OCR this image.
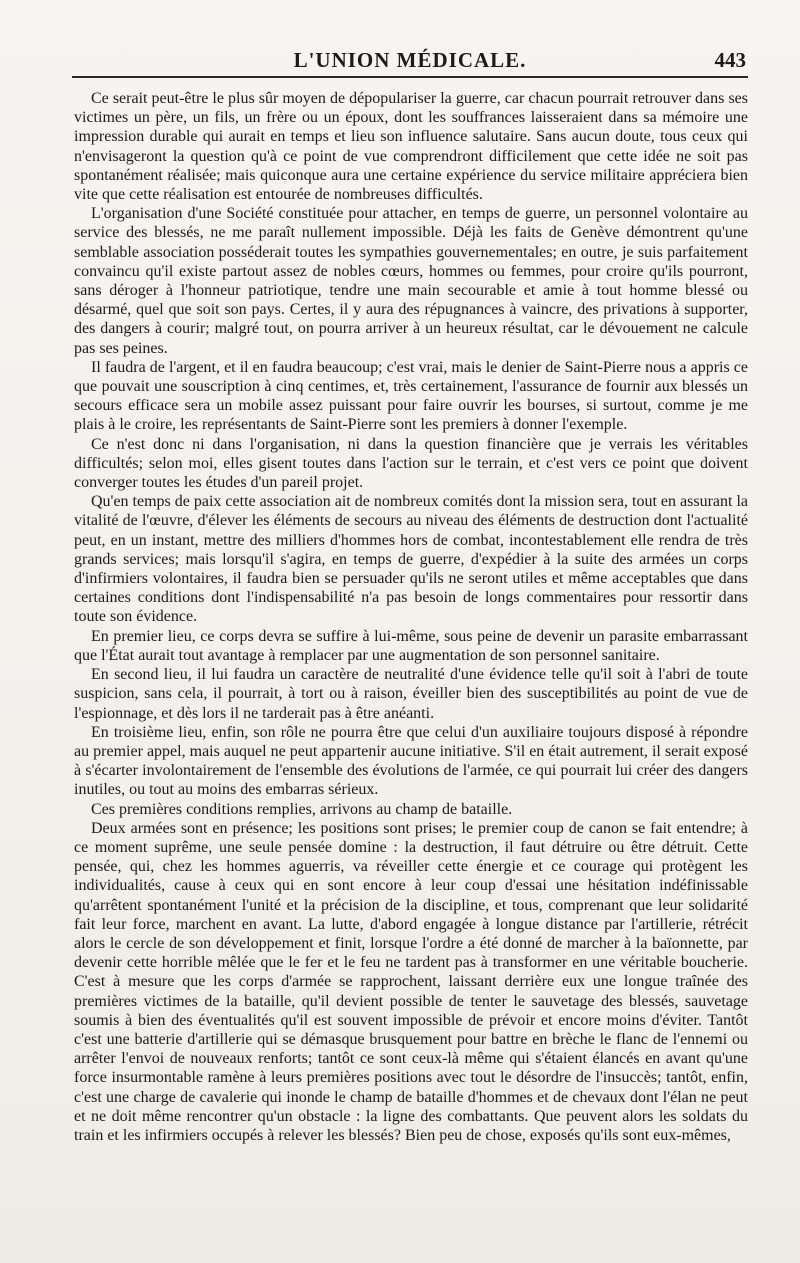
L'UNION MÉDICALE.	443

Ce serait peut-être le plus sûr moyen de dépopulariser la guerre, car chacun pourrait retrouver dans ses victimes un père, un fils, un frère ou un époux, dont les souffrances laisseraient dans sa mémoire une impression durable qui aurait en temps et lieu son influence salutaire. Sans aucun doute, tous ceux qui n'envisageront la question qu'à ce point de vue comprendront difficilement que cette idée ne soit pas spontanément réalisée; mais quiconque aura une certaine expérience du service militaire appréciera bien vite que cette réalisation est entourée de nombreuses difficultés.

L'organisation d'une Société constituée pour attacher, en temps de guerre, un personnel volontaire au service des blessés, ne me paraît nullement impossible. Déjà les faits de Genève démontrent qu'une semblable association posséderait toutes les sympathies gouvernementales; en outre, je suis parfaitement convaincu qu'il existe partout assez de nobles cœurs, hommes ou femmes, pour croire qu'ils pourront, sans déroger à l'honneur patriotique, tendre une main secourable et amie à tout homme blessé ou désarmé, quel que soit son pays. Certes, il y aura des répugnances à vaincre, des privations à supporter, des dangers à courir; malgré tout, on pourra arriver à un heureux résultat, car le dévouement ne calcule pas ses peines.

Il faudra de l'argent, et il en faudra beaucoup; c'est vrai, mais le denier de Saint-Pierre nous a appris ce que pouvait une souscription à cinq centimes, et, très certainement, l'assurance de fournir aux blessés un secours efficace sera un mobile assez puissant pour faire ouvrir les bourses, si surtout, comme je me plais à le croire, les représentants de Saint-Pierre sont les premiers à donner l'exemple.

Ce n'est donc ni dans l'organisation, ni dans la question financière que je verrais les véritables difficultés; selon moi, elles gisent toutes dans l'action sur le terrain, et c'est vers ce point que doivent converger toutes les études d'un pareil projet.

Qu'en temps de paix cette association ait de nombreux comités dont la mission sera, tout en assurant la vitalité de l'œuvre, d'élever les éléments de secours au niveau des éléments de destruction dont l'actualité peut, en un instant, mettre des milliers d'hommes hors de combat, incontestablement elle rendra de très grands services; mais lorsqu'il s'agira, en temps de guerre, d'expédier à la suite des armées un corps d'infirmiers volontaires, il faudra bien se persuader qu'ils ne seront utiles et même acceptables que dans certaines conditions dont l'indispensabilité n'a pas besoin de longs commentaires pour ressortir dans toute son évidence.

En premier lieu, ce corps devra se suffire à lui-même, sous peine de devenir un parasite embarrassant que l'État aurait tout avantage à remplacer par une augmentation de son personnel sanitaire.

En second lieu, il lui faudra un caractère de neutralité d'une évidence telle qu'il soit à l'abri de toute suspicion, sans cela, il pourrait, à tort ou à raison, éveiller bien des susceptibilités au point de vue de l'espionnage, et dès lors il ne tarderait pas à être anéanti.

En troisième lieu, enfin, son rôle ne pourra être que celui d'un auxiliaire toujours disposé à répondre au premier appel, mais auquel ne peut appartenir aucune initiative. S'il en était autrement, il serait exposé à s'écarter involontairement de l'ensemble des évolutions de l'armée, ce qui pourrait lui créer des dangers inutiles, ou tout au moins des embarras sérieux.

Ces premières conditions remplies, arrivons au champ de bataille.

Deux armées sont en présence; les positions sont prises; le premier coup de canon se fait entendre; à ce moment suprême, une seule pensée domine : la destruction, il faut détruire ou être détruit. Cette pensée, qui, chez les hommes aguerris, va réveiller cette énergie et ce courage qui protègent les individualités, cause à ceux qui en sont encore à leur coup d'essai une hésitation indéfinissable qu'arrêtent spontanément l'unité et la précision de la discipline, et tous, comprenant que leur solidarité fait leur force, marchent en avant. La lutte, d'abord engagée à longue distance par l'artillerie, rétrécit alors le cercle de son développement et finit, lorsque l'ordre a été donné de marcher à la baïonnette, par devenir cette horrible mêlée que le fer et le feu ne tardent pas à transformer en une véritable boucherie. C'est à mesure que les corps d'armée se rapprochent, laissant derrière eux une longue traînée des premières victimes de la bataille, qu'il devient possible de tenter le sauvetage des blessés, sauvetage soumis à bien des éventualités qu'il est souvent impossible de prévoir et encore moins d'éviter. Tantôt c'est une batterie d'artillerie qui se démasque brusquement pour battre en brèche le flanc de l'ennemi ou arrêter l'envoi de nouveaux renforts; tantôt ce sont ceux-là même qui s'étaient élancés en avant qu'une force insurmontable ramène à leurs premières positions avec tout le désordre de l'insuccès; tantôt, enfin, c'est une charge de cavalerie qui inonde le champ de bataille d'hommes et de chevaux dont l'élan ne peut et ne doit même rencontrer qu'un obstacle : la ligne des combattants. Que peuvent alors les soldats du train et les infirmiers occupés à relever les blessés? Bien peu de chose, exposés qu'ils sont eux-mêmes,
